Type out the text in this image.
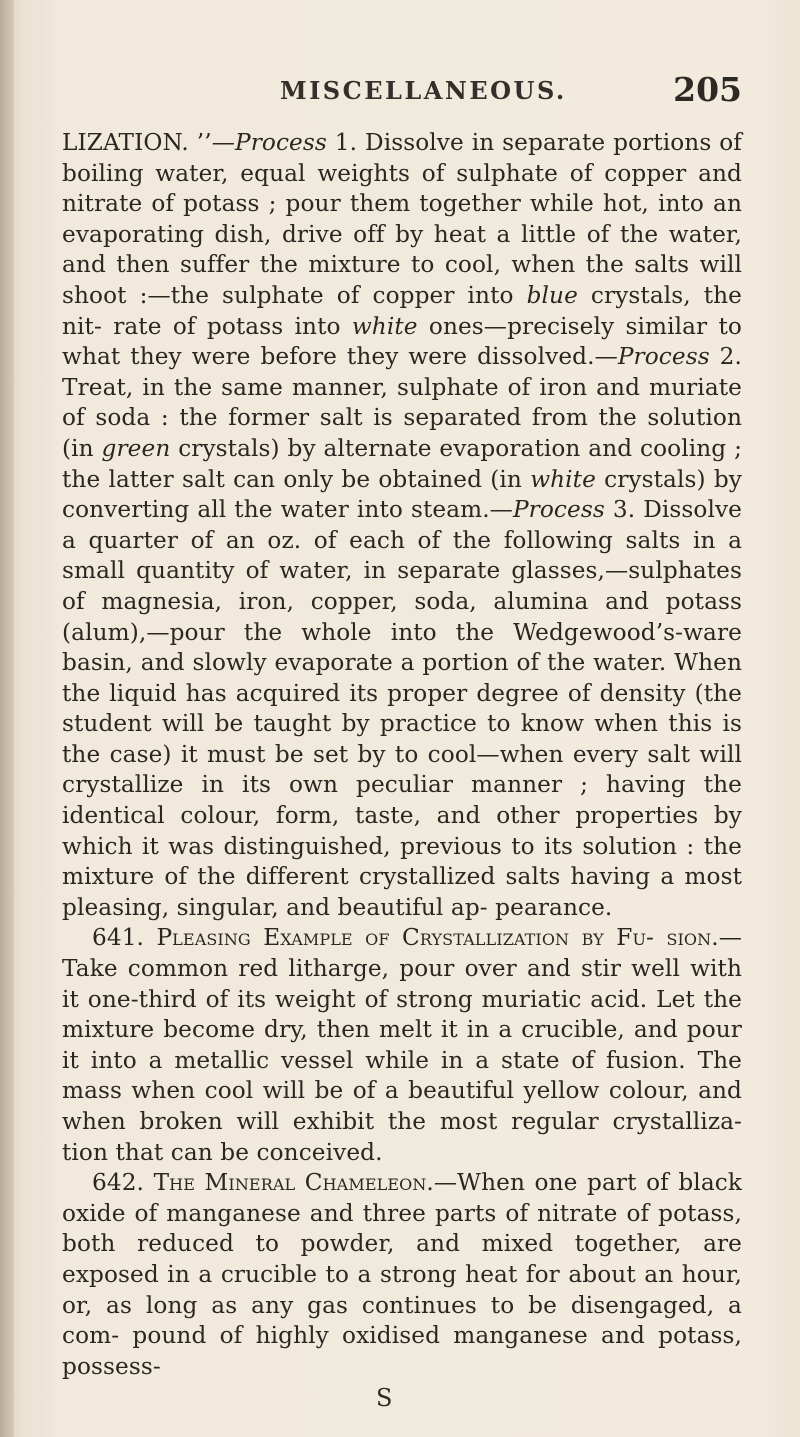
MISCELLANEOUS.	205

LIZATION. ’’—Process 1. Dissolve in separate portions of boiling water, equal weights of sulphate of copper and nitrate of potass ; pour them together while hot, into an evaporating dish, drive off by heat a little of the water, and then suffer the mixture to cool, when the salts will shoot :—the sulphate of copper into blue crystals, the nit- rate of potass into white ones—precisely similar to what they were before they were dissolved.—Process 2. Treat, in the same manner, sulphate of iron and muriate of soda : the former salt is separated from the solution (in green crystals) by alternate evaporation and cooling ; the latter salt can only be obtained (in white crystals) by converting all the water into steam.—Process 3. Dissolve a quarter of an oz. of each of the following salts in a small quantity of water, in separate glasses,—sulphates of magnesia, iron, copper, soda, alumina and potass (alum),—pour the whole into the Wedgewood’s-ware basin, and slowly evaporate a portion of the water. When the liquid has acquired its proper degree of density (the student will be taught by practice to know when this is the case) it must be set by to cool—when every salt will crystallize in its own peculiar manner ; having the identical colour, form, taste, and other properties by which it was distinguished, previous to its solution : the mixture of the different crystallized salts having a most pleasing, singular, and beautiful ap- pearance.

641. Pleasing Example of Crystallization by Fu- sion.—Take common red litharge, pour over and stir well with it one-third of its weight of strong muriatic acid. Let the mixture become dry, then melt it in a crucible, and pour it into a metallic vessel while in a state of fusion. The mass when cool will be of a beautiful yellow colour, and when broken will exhibit the most regular crystalliza- tion that can be conceived.

642. The Mineral Chameleon.—When one part of black oxide of manganese and three parts of nitrate of potass, both reduced to powder, and mixed together, are exposed in a crucible to a strong heat for about an hour, or, as long as any gas continues to be disengaged, a com- pound of highly oxidised manganese and potass, possess-

S
